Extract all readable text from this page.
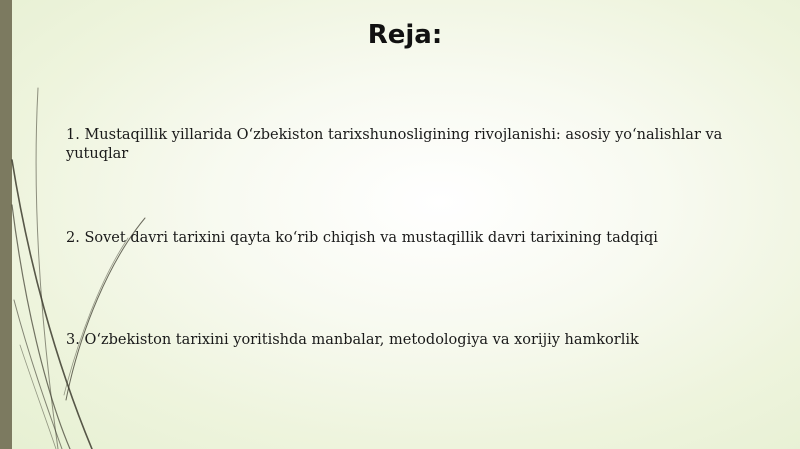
Reja:

1. Mustaqillik yillarida O‘zbekiston tarixshunosligining rivojlanishi: asosiy yo‘nalishlar va yutuqlar

2. Sovet davri tarixini qayta ko‘rib chiqish va mustaqillik davri tarixining tadqiqi

3. O‘zbekiston tarixini yoritishda manbalar, metodologiya va xorijiy hamkorlik
